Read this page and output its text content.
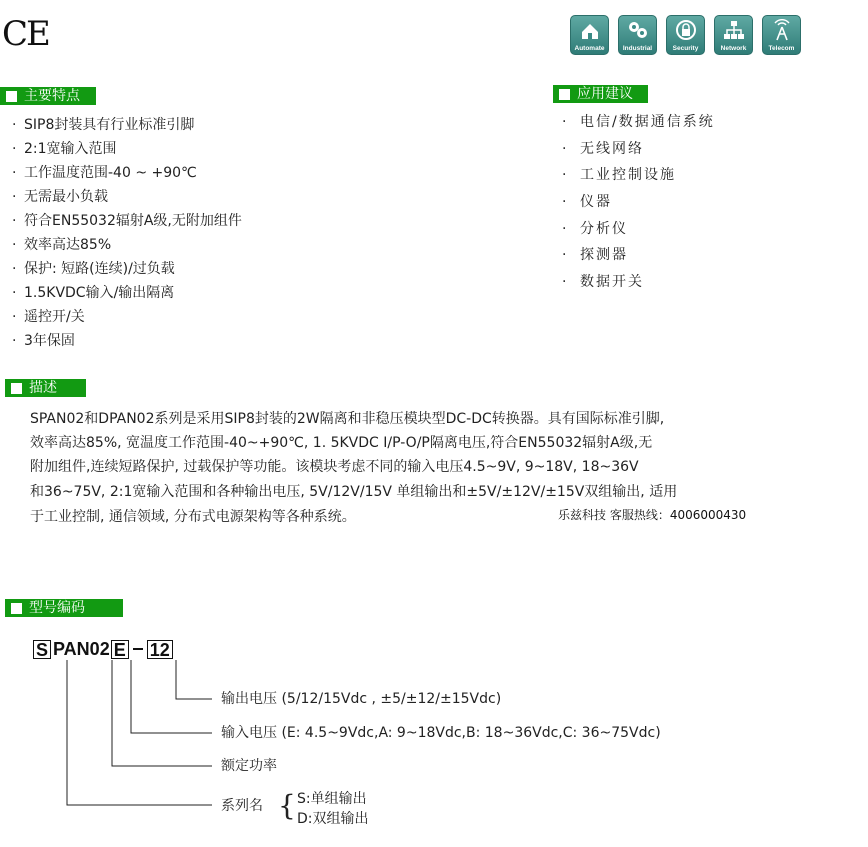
CE	Automate	Industrial	Security	Network	Telecom
主要特点
· SIP8封装具有行业标准引脚
· 2:1宽输入范围
· 工作温度范围-40 ~ +90℃
· 无需最小负载
· 符合EN55032辐射A级,无附加组件
· 效率高达85%
· 保护: 短路(连续)/过负载
· 1.5KVDC输入/输出隔离
· 遥控开/关
· 3年保固
应用建议
· 电信/数据通信系统
· 无线网络
· 工业控制设施
· 仪器
· 分析仪
· 探测器
· 数据开关
描述
SPAN02和DPAN02系列是采用SIP8封装的2W隔离和非稳压模块型DC-DC转换器。具有国际标准引脚,
效率高达85%, 宽温度工作范围-40~+90℃, 1. 5KVDC I/P-O/P隔离电压,符合EN55032辐射A级,无
附加组件,连续短路保护, 过载保护等功能。该模块考虑不同的输入电压4.5~9V, 9~18V, 18~36V
和36~75V, 2:1宽输入范围和各种输出电压, 5V/12V/15V 单组输出和±5V/±12V/±15V双组输出, 适用
于工业控制, 通信领域, 分布式电源架构等各种系统。	乐兹科技 客服热线：4006000430
型号编码
S PAN02 E 12
输出电压 (5/12/15Vdc , ±5/±12/±15Vdc)
输入电压 (E: 4.5~9Vdc,A: 9~18Vdc,B: 18~36Vdc,C: 36~75Vdc)
额定功率
系列名 { S:单组输出
D:双组输出
